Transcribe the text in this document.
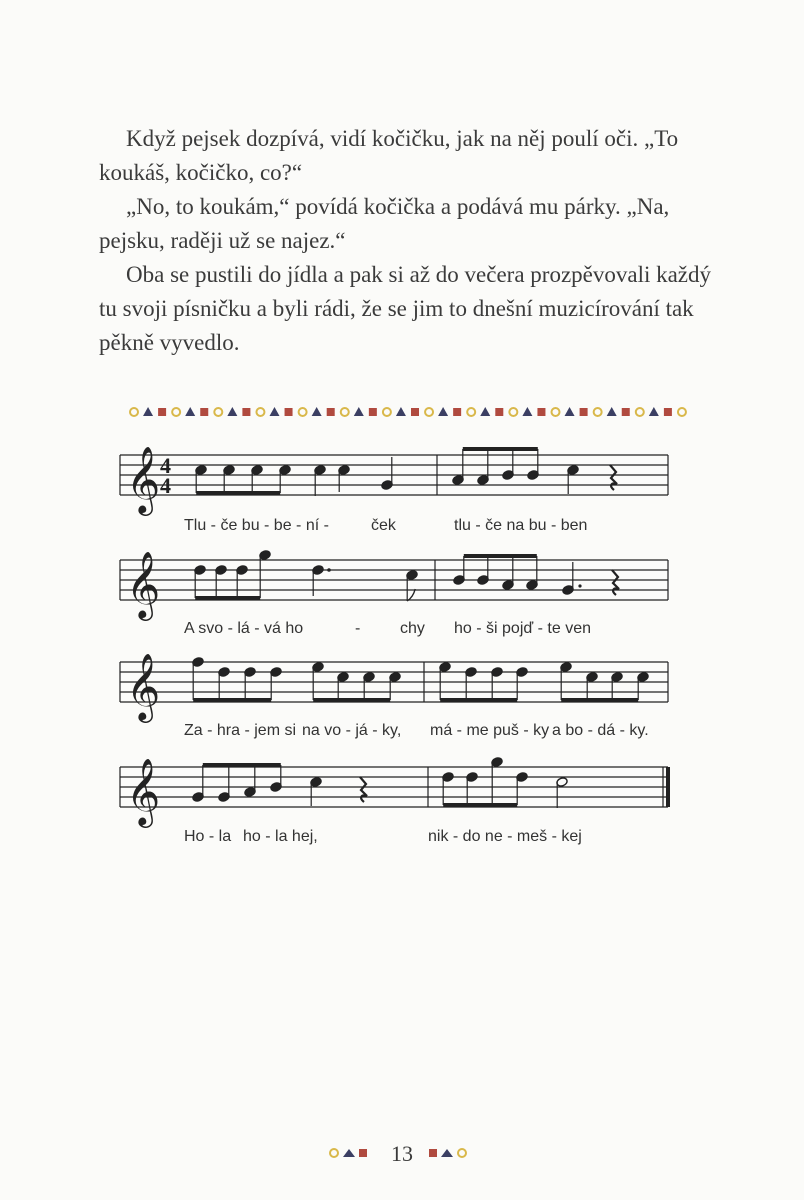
Když pejsek dozpívá, vidí kočičku, jak na něj poulí oči. „To
koukáš, kočičko, co?“

„No, to koukám,“ povídá kočička a podává mu párky. „Na,
pejsku, raději už se najez.“

Oba se pustili do jídla a pak si až do večera prozpěvovali každý
tu svoji písničku a byli rádi, že se jim to dnešní muzicírování tak
pěkně vyvedlo.

4
4
𝄞
𝄞
𝄞
𝄞
Tlu - če bu - be - ní -	ček	tlu - če na bu - ben
A svo - lá - vá ho	- chy ho - ši pojď - te ven
Za - hra - jem si na vo - já - ky, má - me puš - ky a bo - dá - ky.
Ho - la ho - la hej,	nik - do ne - meš - kej
13
